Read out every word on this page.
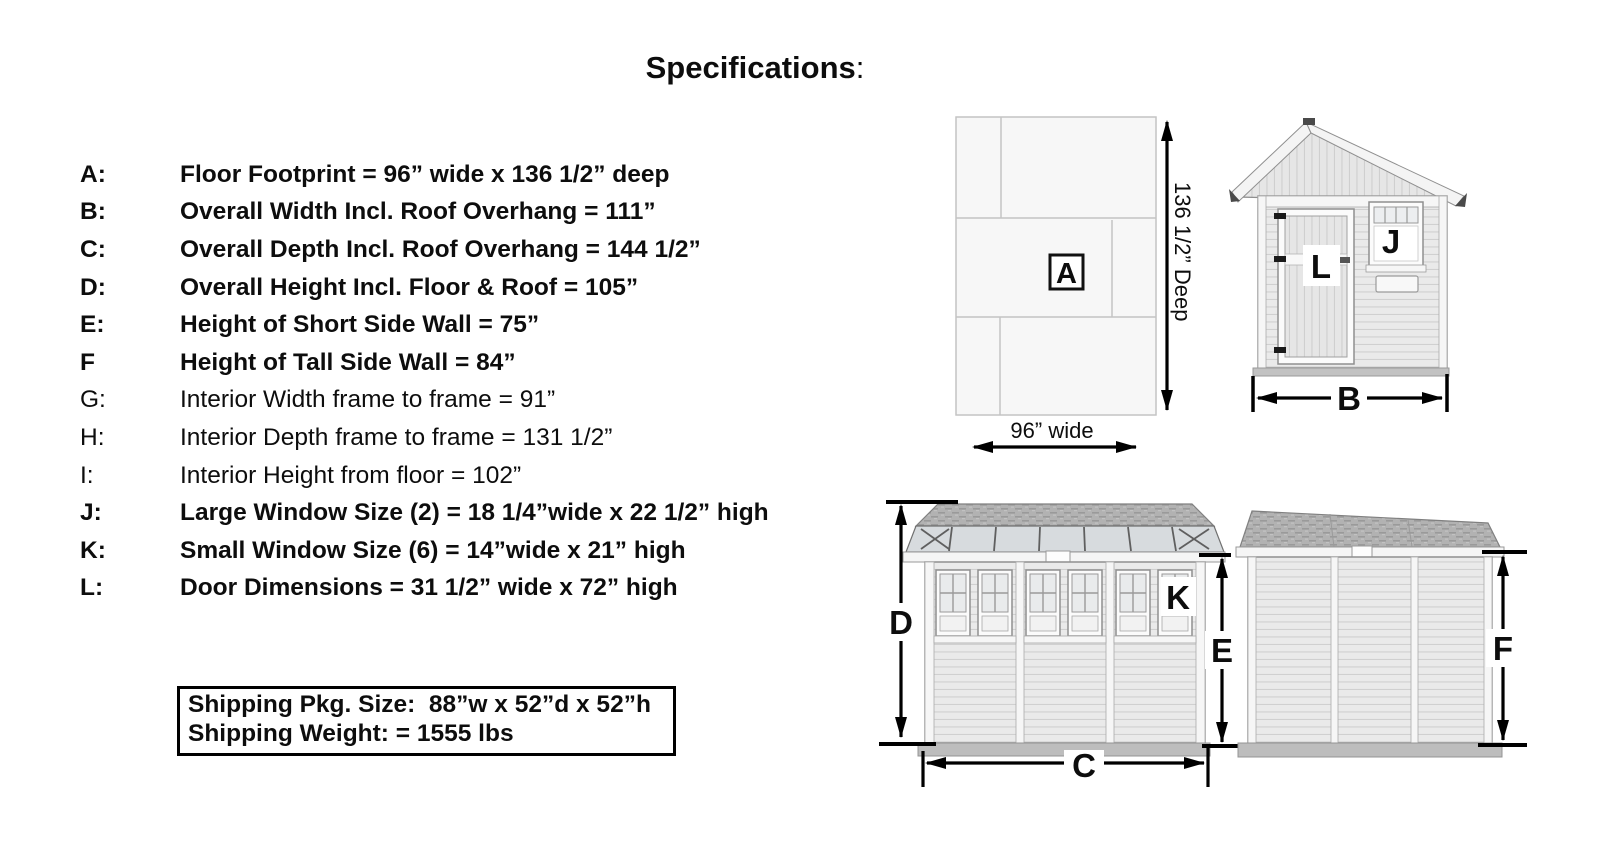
Specifications:
A:	Floor Footprint = 96” wide x 136 1/2” deep
B:	Overall Width Incl. Roof Overhang = 111”
C:	Overall Depth Incl. Roof Overhang = 144 1/2”
D:	Overall Height Incl. Floor & Roof = 105”
E:	Height of Short Side Wall = 75”
F	Height of Tall Side Wall = 84”
G:	Interior Width frame to frame = 91”
H:	Interior Depth frame to frame = 131 1/2”
I:	Interior Height from floor = 102”
J:	Large Window Size (2) = 18 1/4”wide x 22 1/2” high
K:	Small Window Size (6) = 14”wide x 21” high
L:	Door Dimensions = 31 1/2” wide x 72” high
Shipping Pkg. Size:  88”w x 52”d x 52”h
Shipping Weight: = 1555 lbs
A	136 1/2” Deep
96” wide
L
J
B
K
D
E
C
F
